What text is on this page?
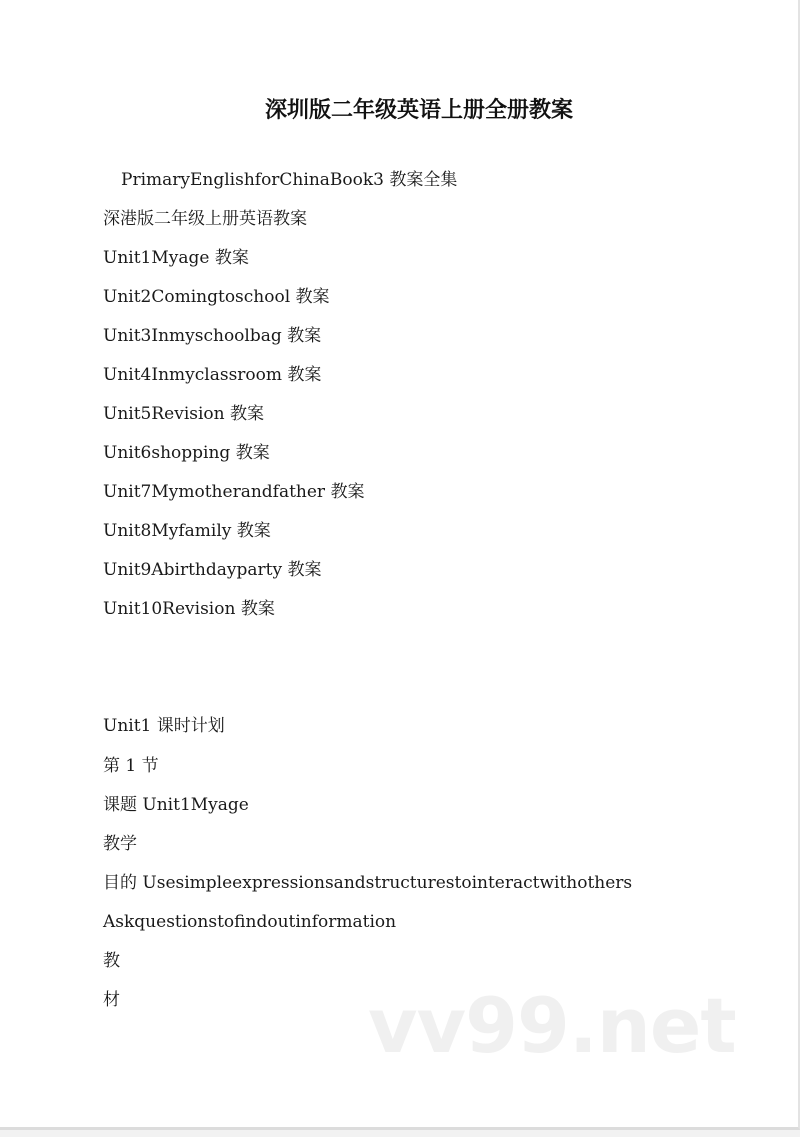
深圳版二年级英语上册全册教案
PrimaryEnglishforChinaBook3 教案全集
深港版二年级上册英语教案
Unit1Myage 教案
Unit2Comingtoschool 教案
Unit3Inmyschoolbag 教案
Unit4Inmyclassroom 教案
Unit5Revision 教案
Unit6shopping 教案
Unit7Mymotherandfather 教案
Unit8Myfamily 教案
Unit9Abirthdayparty 教案
Unit10Revision 教案
Unit1 课时计划
第 1 节
课题 Unit1Myage
教学
目的 Usesimpleexpressionsandstructurestointeractwithothers
Askquestionstofindoutinformation
教
材	vv99.net
